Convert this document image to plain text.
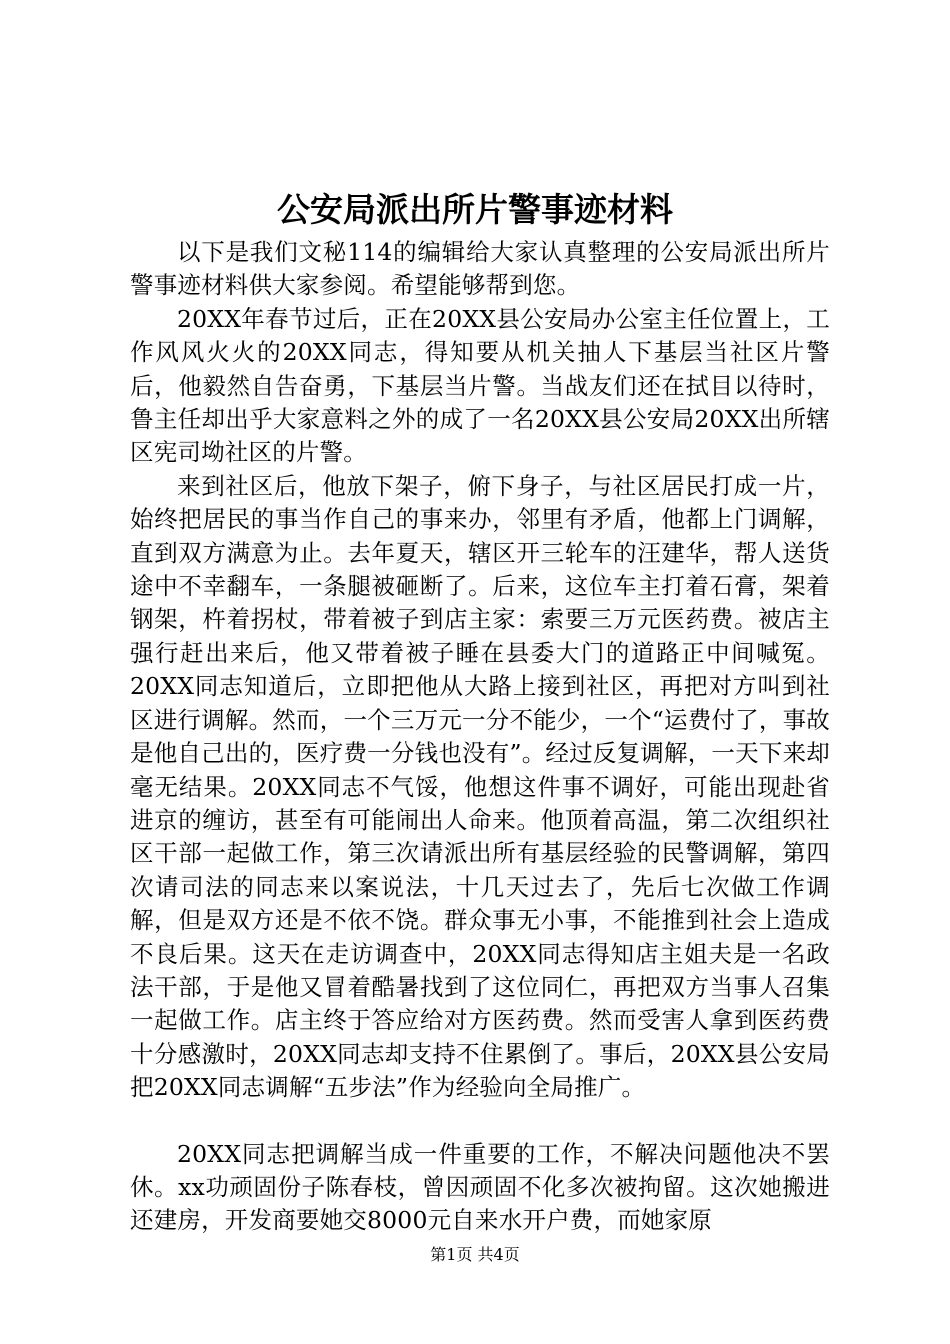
公安局派出所片警事迹材料

以下是我们文秘114的编辑给大家认真整理的公安局派出所片警事迹材料供大家参阅。希望能够帮到您。

20XX年春节过后，正在20XX县公安局办公室主任位置上，工作风风火火的20XX同志，得知要从机关抽人下基层当社区片警后，他毅然自告奋勇，下基层当片警。当战友们还在拭目以待时，鲁主任却出乎大家意料之外的成了一名20XX县公安局20XX出所辖区宪司坳社区的片警。

来到社区后，他放下架子，俯下身子，与社区居民打成一片，始终把居民的事当作自己的事来办，邻里有矛盾，他都上门调解，直到双方满意为止。去年夏天，辖区开三轮车的汪建华，帮人送货途中不幸翻车，一条腿被砸断了。后来，这位车主打着石膏，架着钢架，杵着拐杖，带着被子到店主家：索要三万元医药费。被店主强行赶出来后，他又带着被子睡在县委大门的道路正中间喊冤。20XX同志知道后，立即把他从大路上接到社区，再把对方叫到社区进行调解。然而，一个三万元一分不能少，一个“运费付了，事故是他自己出的，医疗费一分钱也没有”。经过反复调解，一天下来却毫无结果。20XX同志不气馁，他想这件事不调好，可能出现赴省进京的缠访，甚至有可能闹出人命来。他顶着高温，第二次组织社区干部一起做工作，第三次请派出所有基层经验的民警调解，第四次请司法的同志来以案说法，十几天过去了，先后七次做工作调解，但是双方还是不依不饶。群众事无小事，不能推到社会上造成不良后果。这天在走访调查中，20XX同志得知店主姐夫是一名政法干部，于是他又冒着酷暑找到了这位同仁，再把双方当事人召集一起做工作。店主终于答应给对方医药费。然而受害人拿到医药费十分感激时，20XX同志却支持不住累倒了。事后，20XX县公安局把20XX同志调解“五步法”作为经验向全局推广。

20XX同志把调解当成一件重要的工作，不解决问题他决不罢休。xx功顽固份子陈春枝，曾因顽固不化多次被拘留。这次她搬进还建房，开发商要她交8000元自来水开户费，而她家原

第1页 共4页
